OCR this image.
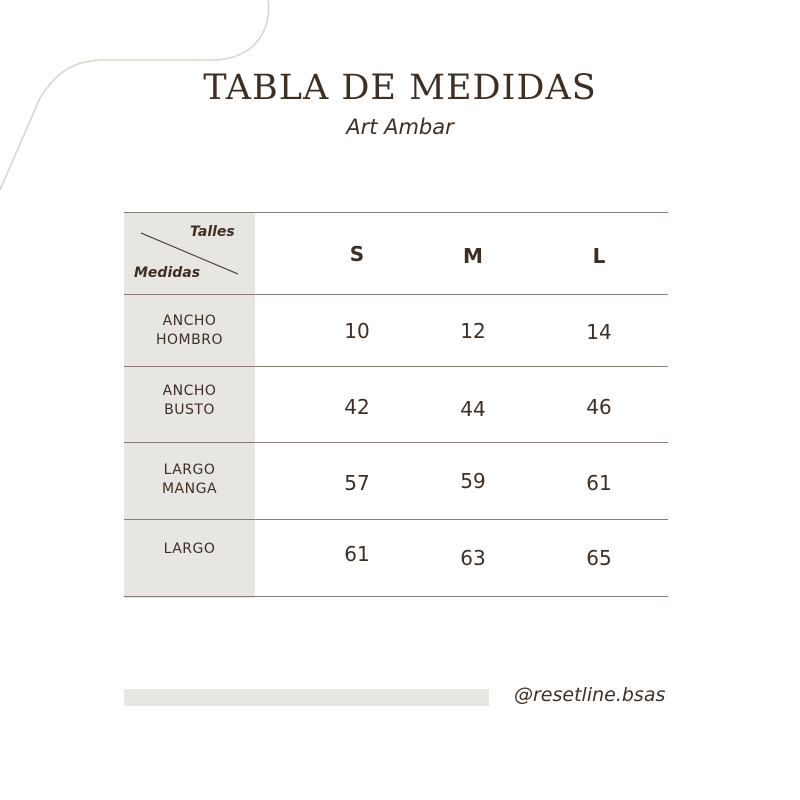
TABLA DE MEDIDAS
Art Ambar
Talles
Medidas
S	M	L
ANCHO
HOMBRO	10	12	14
ANCHO
BUSTO	42	44	46
LARGO
MANGA	57	59	61
LARGO	61	63	65
@resetline.bsas
